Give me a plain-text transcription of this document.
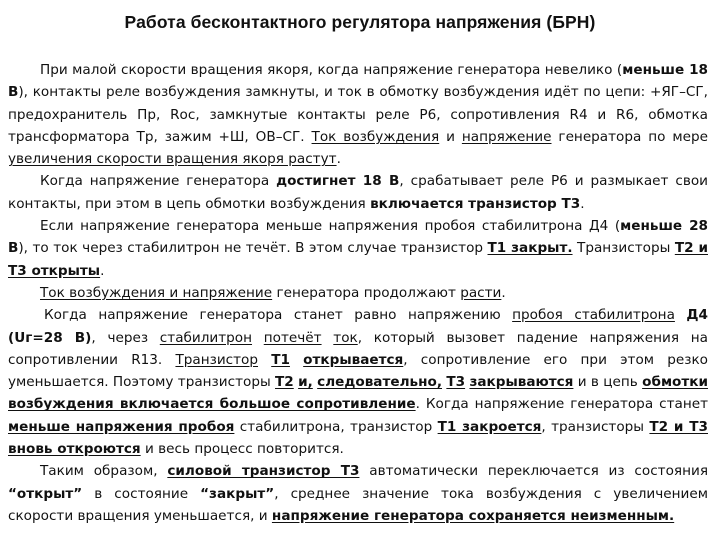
Работа бесконтактного регулятора напряжения (БРН)

При малой скорости вращения якоря, когда напряжение генератора невелико (меньше 18 В), контакты реле возбуждения замкнуты, и ток в обмотку возбуждения идёт по цепи: +ЯГ–СГ, предохранитель Пр, Rос, замкнутые контакты реле Р6, сопротивления R4 и R6, обмотка трансформатора Тр, зажим +Ш, ОВ–СГ. Ток возбуждения и напряжение генератора по мере увеличения скорости вращения якоря растут.

Когда напряжение генератора достигнет 18 В, срабатывает реле Р6 и размыкает свои контакты, при этом в цепь обмотки возбуждения включается транзистор Т3.

Если напряжение генератора меньше напряжения пробоя стабилитрона Д4 (меньше 28 В), то ток через стабилитрон не течёт. В этом случае транзистор Т1 закрыт. Транзисторы Т2 и Т3 открыты.

Ток возбуждения и напряжение генератора продолжают расти.

Когда напряжение генератора станет равно напряжению пробоя стабилитрона Д4 (Uг=28 В), через стабилитрон потечёт ток, который вызовет падение напряжения на сопротивлении R13. Транзистор Т1 открывается, сопротивление его при этом резко уменьшается. Поэтому транзисторы Т2 и, следовательно, Т3 закрываются и в цепь обмотки возбуждения включается большое сопротивление. Когда напряжение генератора станет меньше напряжения пробоя стабилитрона, транзистор Т1 закроется, транзисторы Т2 и Т3 вновь откроются и весь процесс повторится.

Таким образом, силовой транзистор Т3 автоматически переключается из состояния “открыт” в состояние “закрыт”, среднее значение тока возбуждения с увеличением скорости вращения уменьшается, и напряжение генератора сохраняется неизменным.
